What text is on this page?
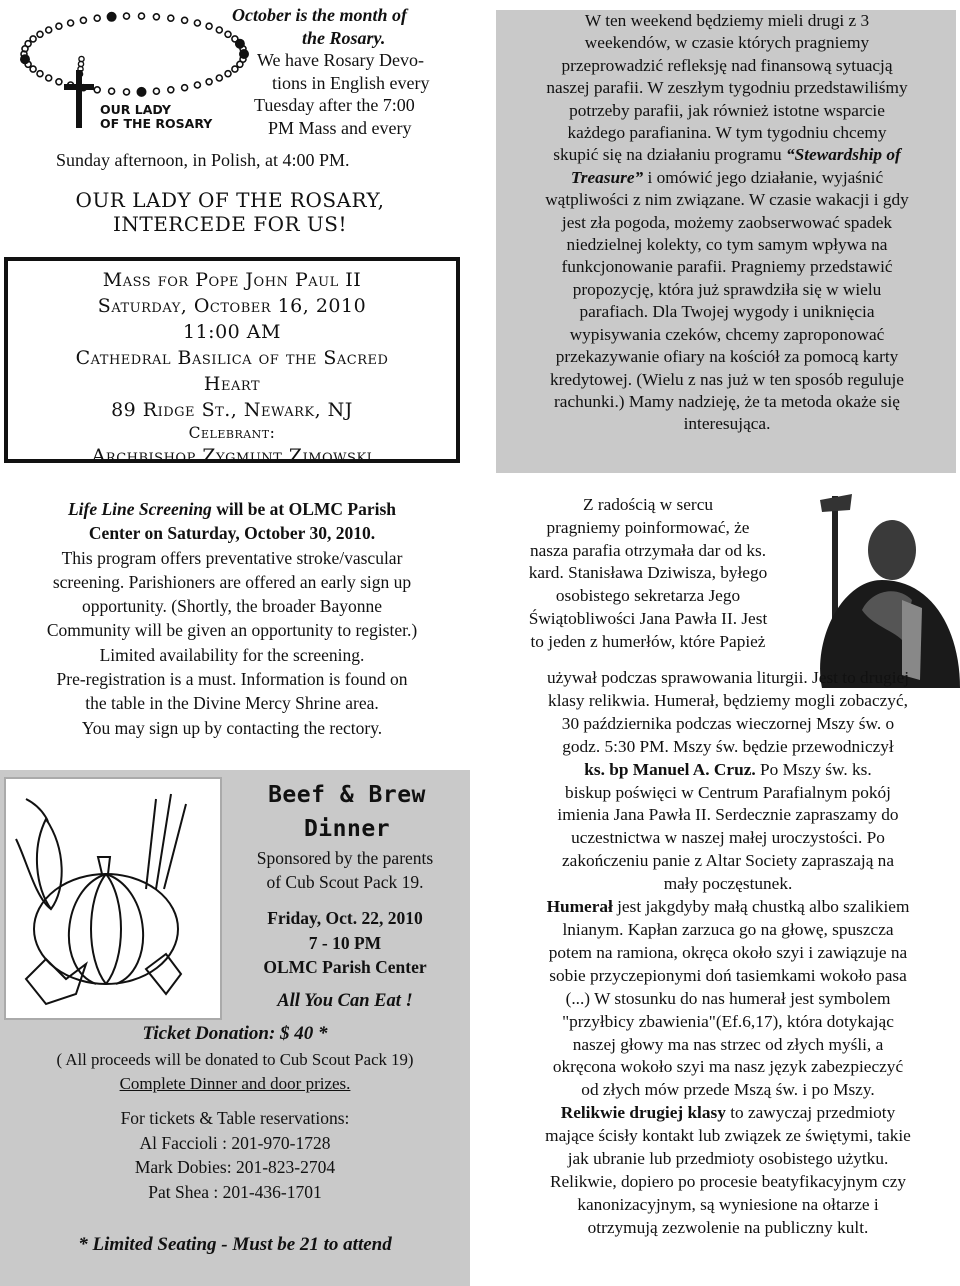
OUR LADY
OF THE ROSARY
October is the month of
the Rosary.
We have Rosary Devo-
tions in English every
Tuesday after the 7:00
PM Mass and every
Sunday afternoon, in Polish, at 4:00 PM.
OUR LADY OF THE ROSARY,
INTERCEDE FOR US!
Mass for Pope John Paul II
Saturday, October 16, 2010
11:00 AM
Cathedral Basilica of the Sacred
Heart
89 Ridge St., Newark, NJ
Celebrant:
Archbishop Zygmunt Zimowski
Life Line Screening will be at OLMC Parish
Center on Saturday, October 30, 2010.
This program offers preventative stroke/vascular
screening. Parishioners are offered an early sign up
opportunity. (Shortly, the broader Bayonne
Community will be given an opportunity to register.)
Limited availability for the screening.
Pre-registration is a must. Information is found on
the table in the Divine Mercy Shrine area.
You may sign up by contacting the rectory.
Beef & Brew
Dinner
Sponsored by the parents
of Cub Scout Pack 19.
Friday, Oct. 22, 2010
7 - 10 PM
OLMC Parish Center
All You Can Eat !
Ticket Donation: $ 40 *
( All proceeds will be donated to Cub Scout Pack 19)
Complete Dinner and door prizes.
For tickets & Table reservations:
Al Faccioli : 201-970-1728
Mark Dobies: 201-823-2704
Pat Shea : 201-436-1701
* Limited Seating - Must be 21 to attend
W ten weekend będziemy mieli drugi z 3
weekendów, w czasie których pragniemy
przeprowadzić refleksję nad finansową sytuacją
naszej parafii. W zeszłym tygodniu przedstawiliśmy
potrzeby parafii, jak również istotne wsparcie
każdego parafianina. W tym tygodniu chcemy
skupić się na działaniu programu “Stewardship of
Treasure” i omówić jego działanie, wyjaśnić
wątpliwości z nim związane. W czasie wakacji i gdy
jest zła pogoda, możemy zaobserwować spadek
niedzielnej kolekty, co tym samym wpływa na
funkcjonowanie parafii. Pragniemy przedstawić
propozycję, która już sprawdziła się w wielu
parafiach. Dla Twojej wygody i uniknięcia
wypisywania czeków, chcemy zaproponować
przekazywanie ofiary na kościół za pomocą karty
kredytowej. (Wielu z nas już w ten sposób reguluje
rachunki.) Mamy nadzieję, że ta metoda okaże się
interesująca.
Z radością w sercu
pragniemy poinformować, że
nasza parafia otrzymała dar od ks.
kard. Stanisława Dziwisza, byłego
osobistego sekretarza Jego
Świątobliwości Jana Pawła II. Jest
to jeden z humerłów, które Papież
używał podczas sprawowania liturgii. Jest to drugiej
klasy relikwia. Humerał, będziemy mogli zobaczyć,
30 października podczas wieczornej Mszy św. o
godz. 5:30 PM. Mszy św. będzie przewodniczył
ks. bp Manuel A. Cruz. Po Mszy św. ks.
biskup poświęci w Centrum Parafialnym pokój
imienia Jana Pawła II. Serdecznie zapraszamy do
uczestnictwa w naszej małej uroczystości. Po
zakończeniu panie z Altar Society zapraszają na
mały poczęstunek.
Humerał jest jakgdyby małą chustką albo szalikiem
lnianym. Kapłan zarzuca go na głowę, spuszcza
potem na ramiona, okręca około szyi i zawiązuje na
sobie przyczepionymi doń tasiemkami wokoło pasa
(...) W stosunku do nas humerał jest symbolem
"przyłbicy zbawienia"(Ef.6,17), która dotykając
naszej głowy ma nas strzec od złych myśli, a
okręcona wokoło szyi ma nasz język zabezpieczyć
od złych mów przede Mszą św. i po Mszy.
Relikwie drugiej klasy to zawyczaj przedmioty
mające ścisły kontakt lub związek ze świętymi, takie
jak ubranie lub przedmioty osobistego użytku.
Relikwie, dopiero po procesie beatyfikacyjnym czy
kanonizacyjnym, są wyniesione na ołtarze i
otrzymują zezwolenie na publiczny kult.
